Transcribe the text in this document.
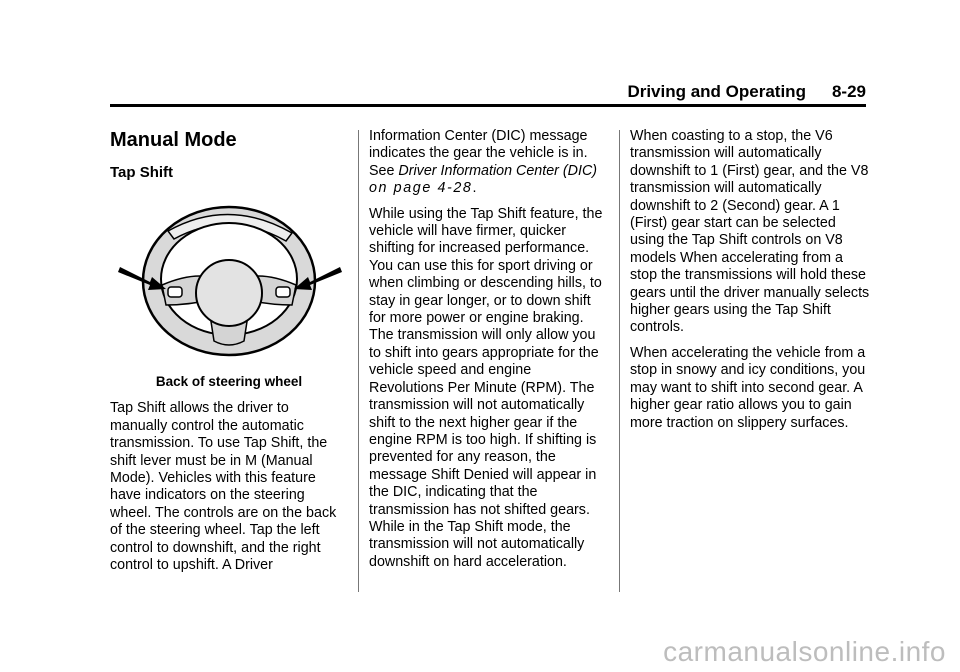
Driving and Operating 8-29
Manual Mode
Tap Shift
Back of steering wheel

Tap Shift allows the driver to manually control the automatic transmission. To use Tap Shift, the shift lever must be in M (Manual Mode). Vehicles with this feature have indicators on the steering wheel. The controls are on the back of the steering wheel. Tap the left control to downshift, and the right control to upshift. A Driver

Information Center (DIC) message indicates the gear the vehicle is in. See Driver Information Center (DIC) on page 4-28.

While using the Tap Shift feature, the vehicle will have firmer, quicker shifting for increased performance. You can use this for sport driving or when climbing or descending hills, to stay in gear longer, or to down shift for more power or engine braking. The transmission will only allow you to shift into gears appropriate for the vehicle speed and engine Revolutions Per Minute (RPM). The transmission will not automatically shift to the next higher gear if the engine RPM is too high. If shifting is prevented for any reason, the message Shift Denied will appear in the DIC, indicating that the transmission has not shifted gears. While in the Tap Shift mode, the transmission will not automatically downshift on hard acceleration.

When coasting to a stop, the V6 transmission will automatically downshift to 1 (First) gear, and the V8 transmission will automatically downshift to 2 (Second) gear. A 1 (First) gear start can be selected using the Tap Shift controls on V8 models When accelerating from a stop the transmissions will hold these gears until the driver manually selects higher gears using the Tap Shift controls.

When accelerating the vehicle from a stop in snowy and icy conditions, you may want to shift into second gear. A higher gear ratio allows you to gain more traction on slippery surfaces.

carmanualsonline.info
